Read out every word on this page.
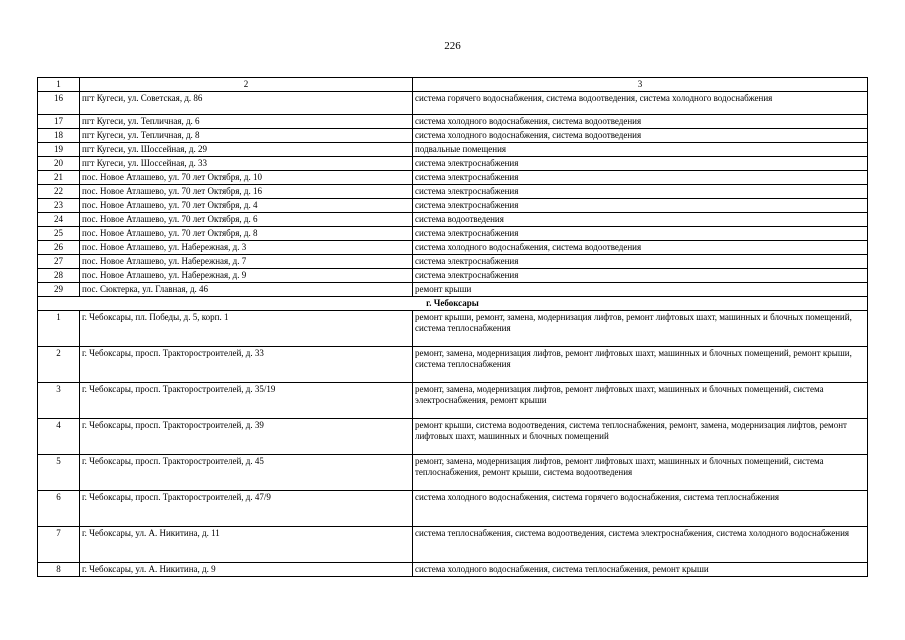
226
1	2	3
16	пгт Кугеси, ул. Советская, д. 86	система горячего водоснабжения, система водоотведения, система холодного водоснабжения
17	пгт Кугеси, ул. Тепличная, д. 6	система холодного водоснабжения, система водоотведения
18	пгт Кугеси, ул. Тепличная, д. 8	система холодного водоснабжения, система водоотведения
19	пгт Кугеси, ул. Шоссейная, д. 29	подвальные помещения
20	пгт Кугеси, ул. Шоссейная, д. 33	система электроснабжения
21	пос. Новое Атлашево, ул. 70 лет Октября, д. 10	система электроснабжения
22	пос. Новое Атлашево, ул. 70 лет Октября, д. 16	система электроснабжения
23	пос. Новое Атлашево, ул. 70 лет Октября, д. 4	система электроснабжения
24	пос. Новое Атлашево, ул. 70 лет Октября, д. 6	система водоотведения
25	пос. Новое Атлашево, ул. 70 лет Октября, д. 8	система электроснабжения
26	пос. Новое Атлашево, ул. Набережная, д. 3	система холодного водоснабжения, система водоотведения
27	пос. Новое Атлашево, ул. Набережная, д. 7	система электроснабжения
28	пос. Новое Атлашево, ул. Набережная, д. 9	система электроснабжения
29	пос. Сюктерка, ул. Главная, д. 46	ремонт крыши
г. Чебоксары		
1	г. Чебоксары, пл. Победы, д. 5, корп. 1	ремонт крыши, ремонт, замена, модернизация лифтов, ремонт лифтовых шахт, машинных и блочных помещений, система теплоснабжения
2	г. Чебоксары, просп. Тракторостроителей, д. 33	ремонт, замена, модернизация лифтов, ремонт лифтовых шахт, машинных и блочных помещений, ремонт крыши, система теплоснабжения
3	г. Чебоксары, просп. Тракторостроителей, д. 35/19	ремонт, замена, модернизация лифтов, ремонт лифтовых шахт, машинных и блочных помещений, система электроснабжения, ремонт крыши
4	г. Чебоксары, просп. Тракторостроителей, д. 39	ремонт крыши, система водоотведения, система теплоснабжения, ремонт, замена, модернизация лифтов, ремонт лифтовых шахт, машинных и блочных помещений
5	г. Чебоксары, просп. Тракторостроителей, д. 45	ремонт, замена, модернизация лифтов, ремонт лифтовых шахт, машинных и блочных помещений, система теплоснабжения, ремонт крыши, система водоотведения
6	г. Чебоксары, просп. Тракторостроителей, д. 47/9	система холодного водоснабжения, система горячего водоснабжения, система теплоснабжения
7	г. Чебоксары, ул. А. Никитина, д. 11	система теплоснабжения, система водоотведения, система электроснабжения, система холодного водоснабжения
8	г. Чебоксары, ул. А. Никитина, д. 9	система холодного водоснабжения, система теплоснабжения, ремонт крыши
